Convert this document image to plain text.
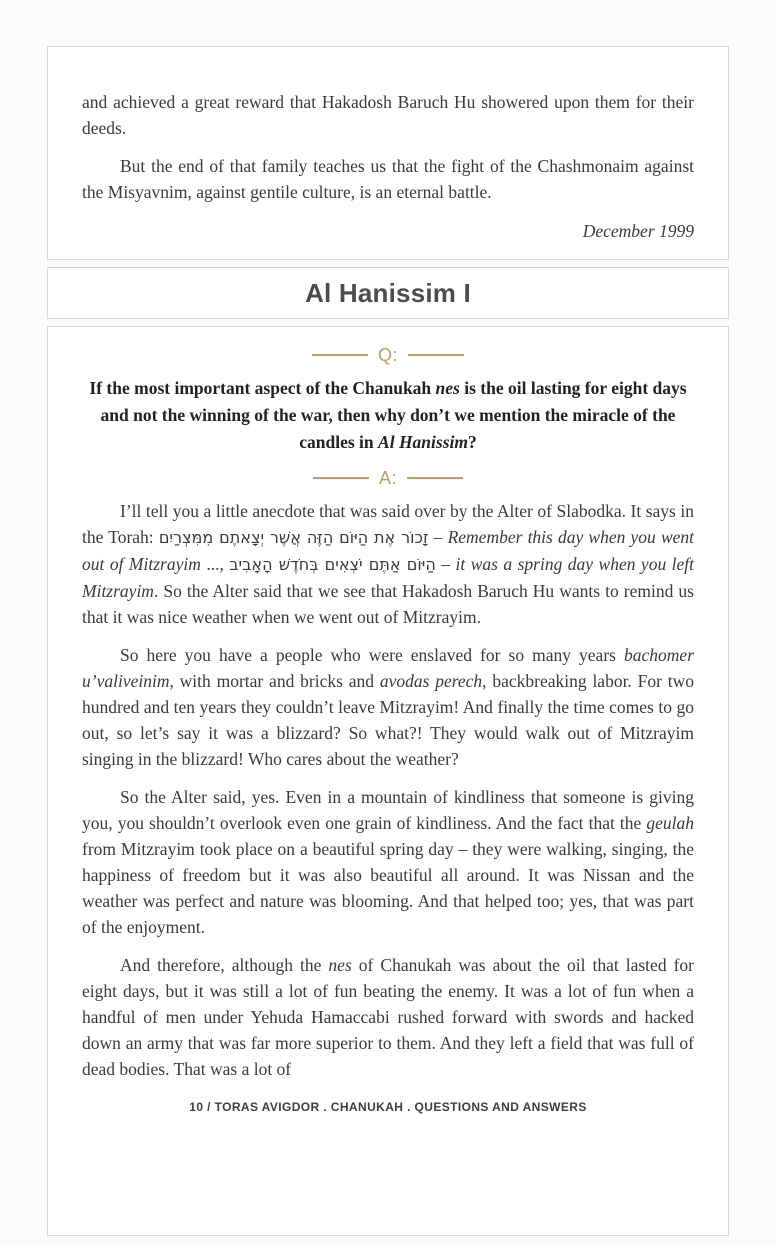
and achieved a great reward that Hakadosh Baruch Hu showered upon them for their deeds.

But the end of that family teaches us that the fight of the Chashmonaim against the Misyavnim, against gentile culture, is an eternal battle.

December 1999

Al Hanissim I
Q:

If the most important aspect of the Chanukah nes is the oil lasting for eight days and not the winning of the war, then why don’t we mention the miracle of the candles in Al Hanissim?

A:

I’ll tell you a little anecdote that was said over by the Alter of Slabodka. It says in the Torah: זָכוֹר אֶת הַיּוֹם הַזֶּה אֲשֶׁר יְצָאתֶם מִמִּצְרַיִם – Remember this day when you went out of Mitzrayim ..., הַיּוֹם אַתֶּם יֹצְאִים בְּחֹדֶשׁ הָאָבִיב – it was a spring day when you left Mitzrayim. So the Alter said that we see that Hakadosh Baruch Hu wants to remind us that it was nice weather when we went out of Mitzrayim.

So here you have a people who were enslaved for so many years bachomer u’valiveinim, with mortar and bricks and avodas perech, backbreaking labor. For two hundred and ten years they couldn’t leave Mitzrayim! And finally the time comes to go out, so let’s say it was a blizzard? So what?! They would walk out of Mitzrayim singing in the blizzard! Who cares about the weather?

So the Alter said, yes. Even in a mountain of kindliness that someone is giving you, you shouldn’t overlook even one grain of kindliness. And the fact that the geulah from Mitzrayim took place on a beautiful spring day – they were walking, singing, the happiness of freedom but it was also beautiful all around. It was Nissan and the weather was perfect and nature was blooming. And that helped too; yes, that was part of the enjoyment.

And therefore, although the nes of Chanukah was about the oil that lasted for eight days, but it was still a lot of fun beating the enemy. It was a lot of fun when a handful of men under Yehuda Hamaccabi rushed forward with swords and hacked down an army that was far more superior to them. And they left a field that was full of dead bodies. That was a lot of

10 / TORAS AVIGDOR . CHANUKAH . QUESTIONS AND ANSWERS
